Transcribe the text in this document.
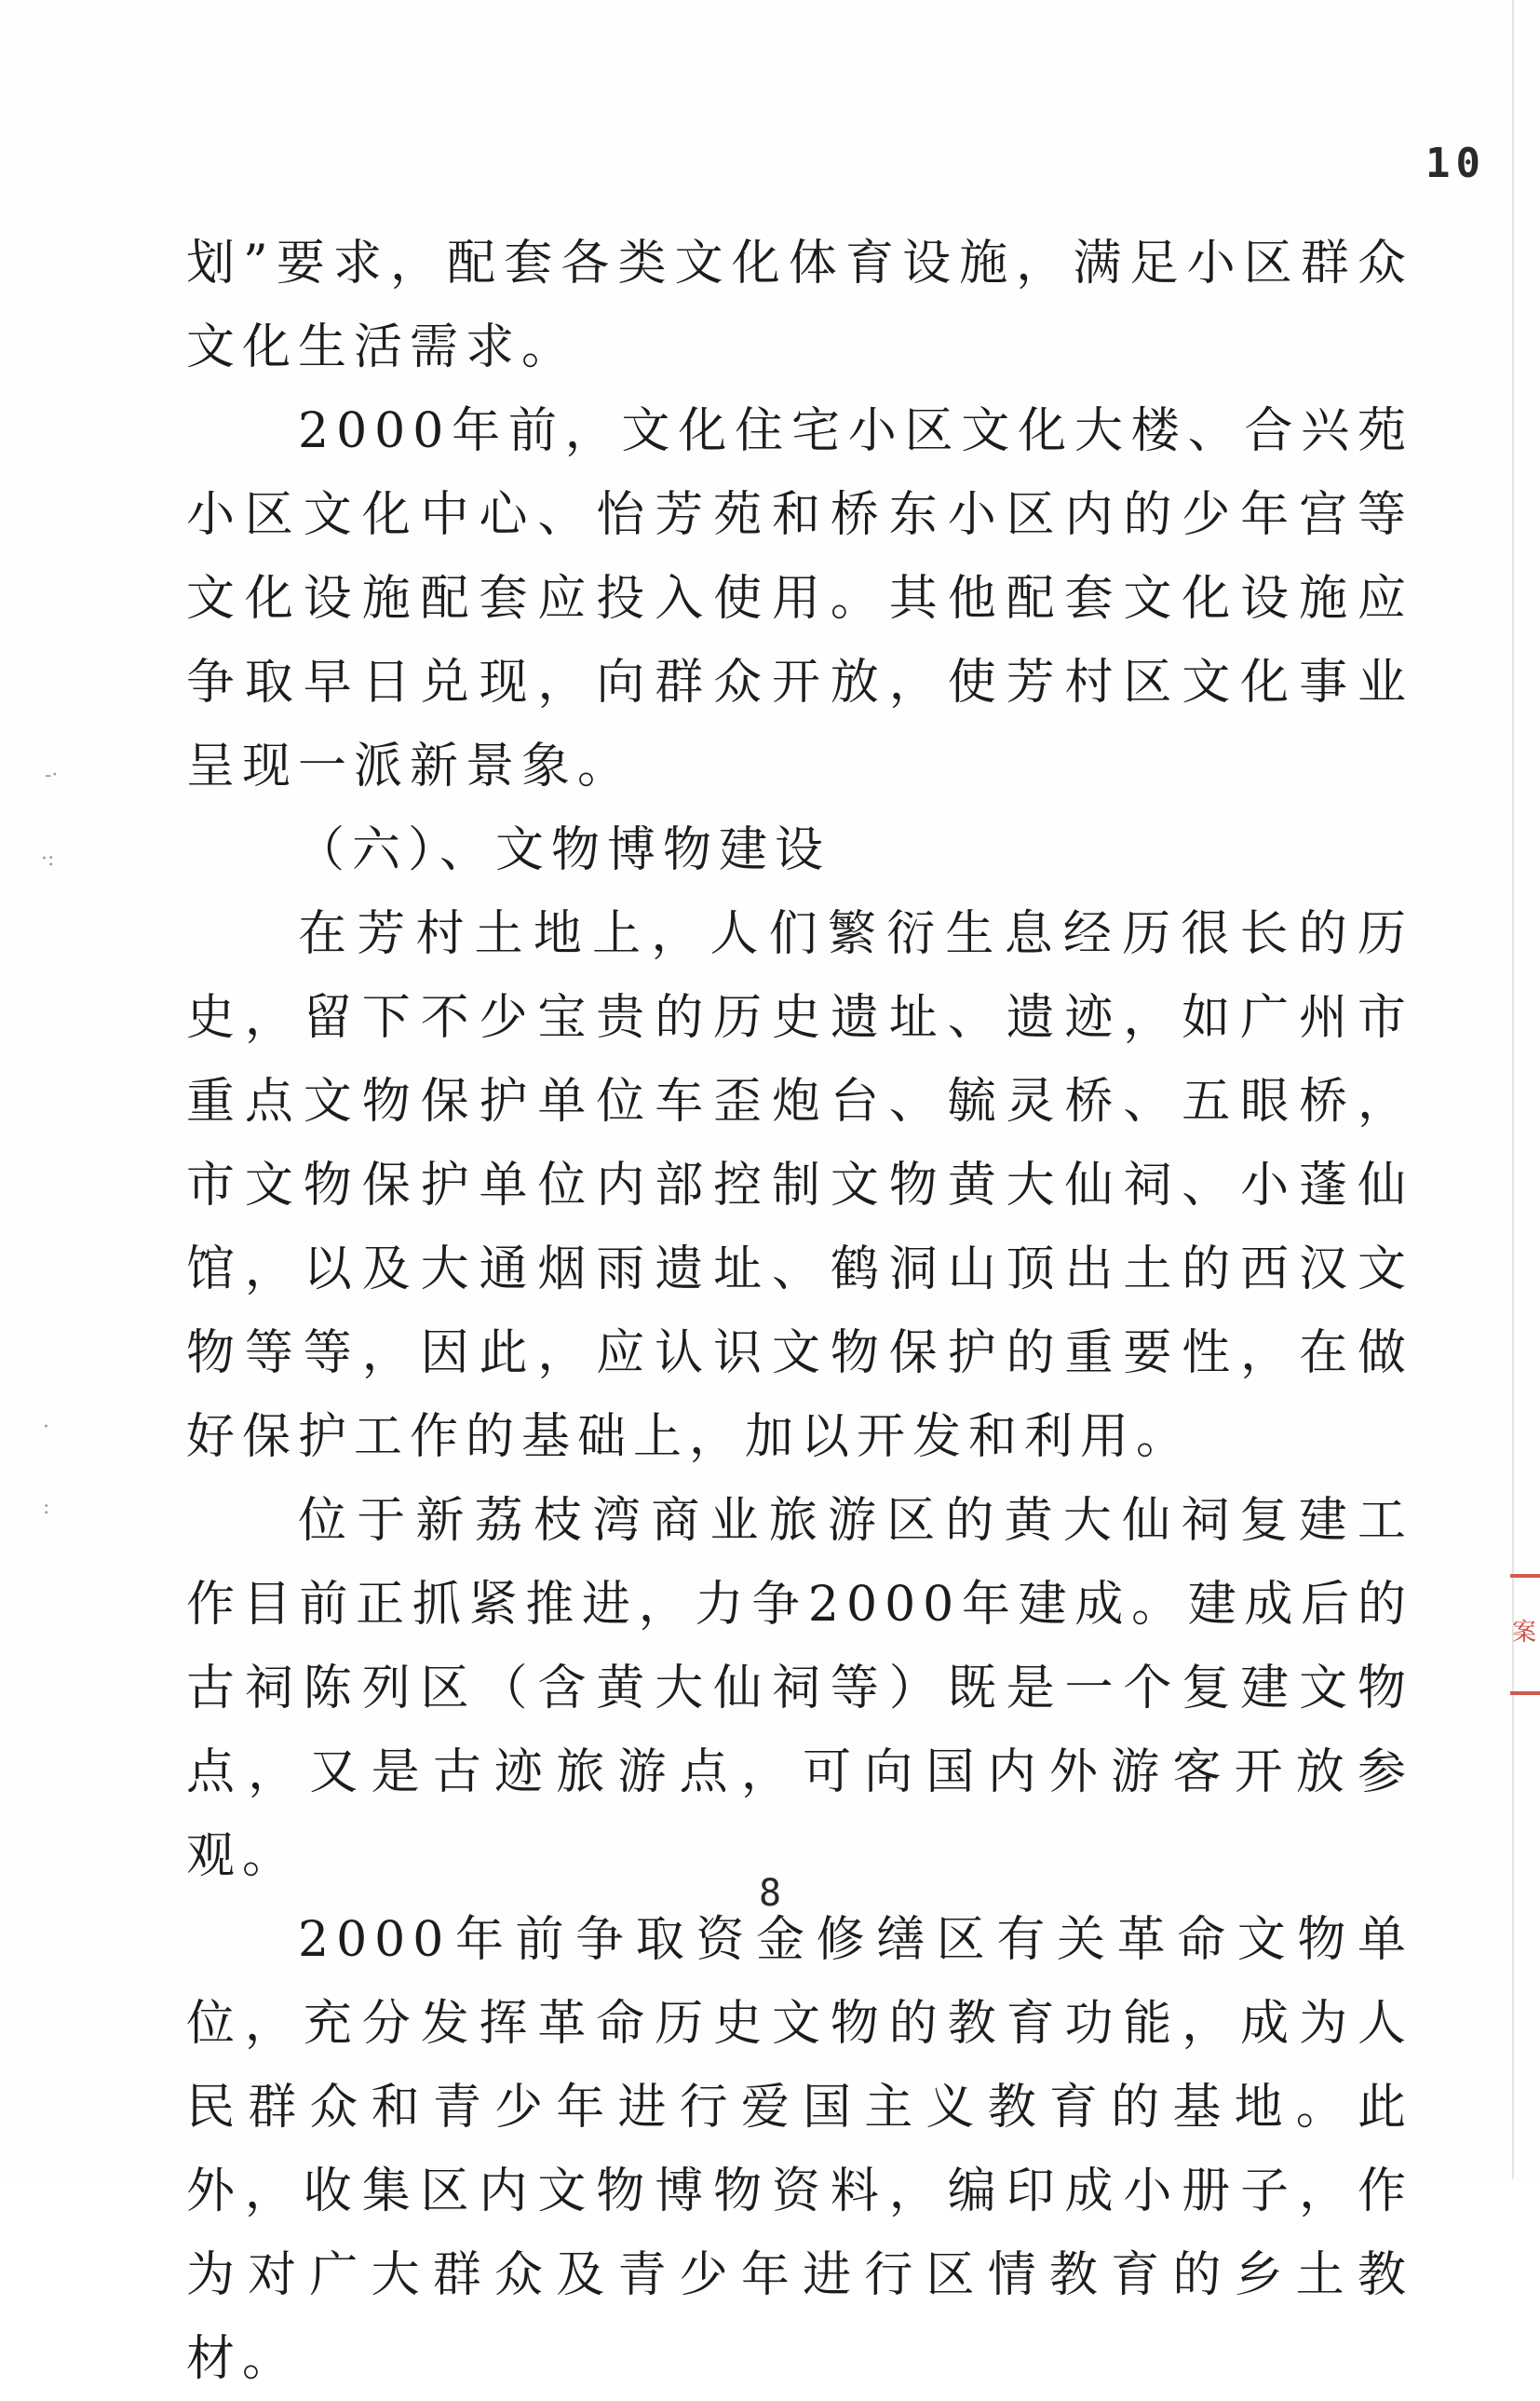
-·
·:
·
:
10

划”要求，配套各类文化体育设施，满足小区群众文化生活需求。

2000年前，文化住宅小区文化大楼、合兴苑小区文化中心、怡芳苑和桥东小区内的少年宫等文化设施配套应投入使用。其他配套文化设施应争取早日兑现，向群众开放，使芳村区文化事业呈现一派新景象。

（六）、文物博物建设

在芳村土地上，人们繁衍生息经历很长的历史，留下不少宝贵的历史遗址、遗迹，如广州市重点文物保护单位车歪炮台、毓灵桥、五眼桥，市文物保护单位内部控制文物黄大仙祠、小蓬仙馆，以及大通烟雨遗址、鹤洞山顶出土的西汉文物等等，因此，应认识文物保护的重要性，在做好保护工作的基础上，加以开发和利用。

位于新荔枝湾商业旅游区的黄大仙祠复建工作目前正抓紧推进，力争2000年建成。建成后的古祠陈列区（含黄大仙祠等）既是一个复建文物点，又是古迹旅游点，可向国内外游客开放参观。

2000年前争取资金修缮区有关革命文物单位，充分发挥革命历史文物的教育功能，成为人民群众和青少年进行爱国主义教育的基地。此外，收集区内文物博物资料，编印成小册子，作为对广大群众及青少年进行区情教育的乡土教材。

8
案
